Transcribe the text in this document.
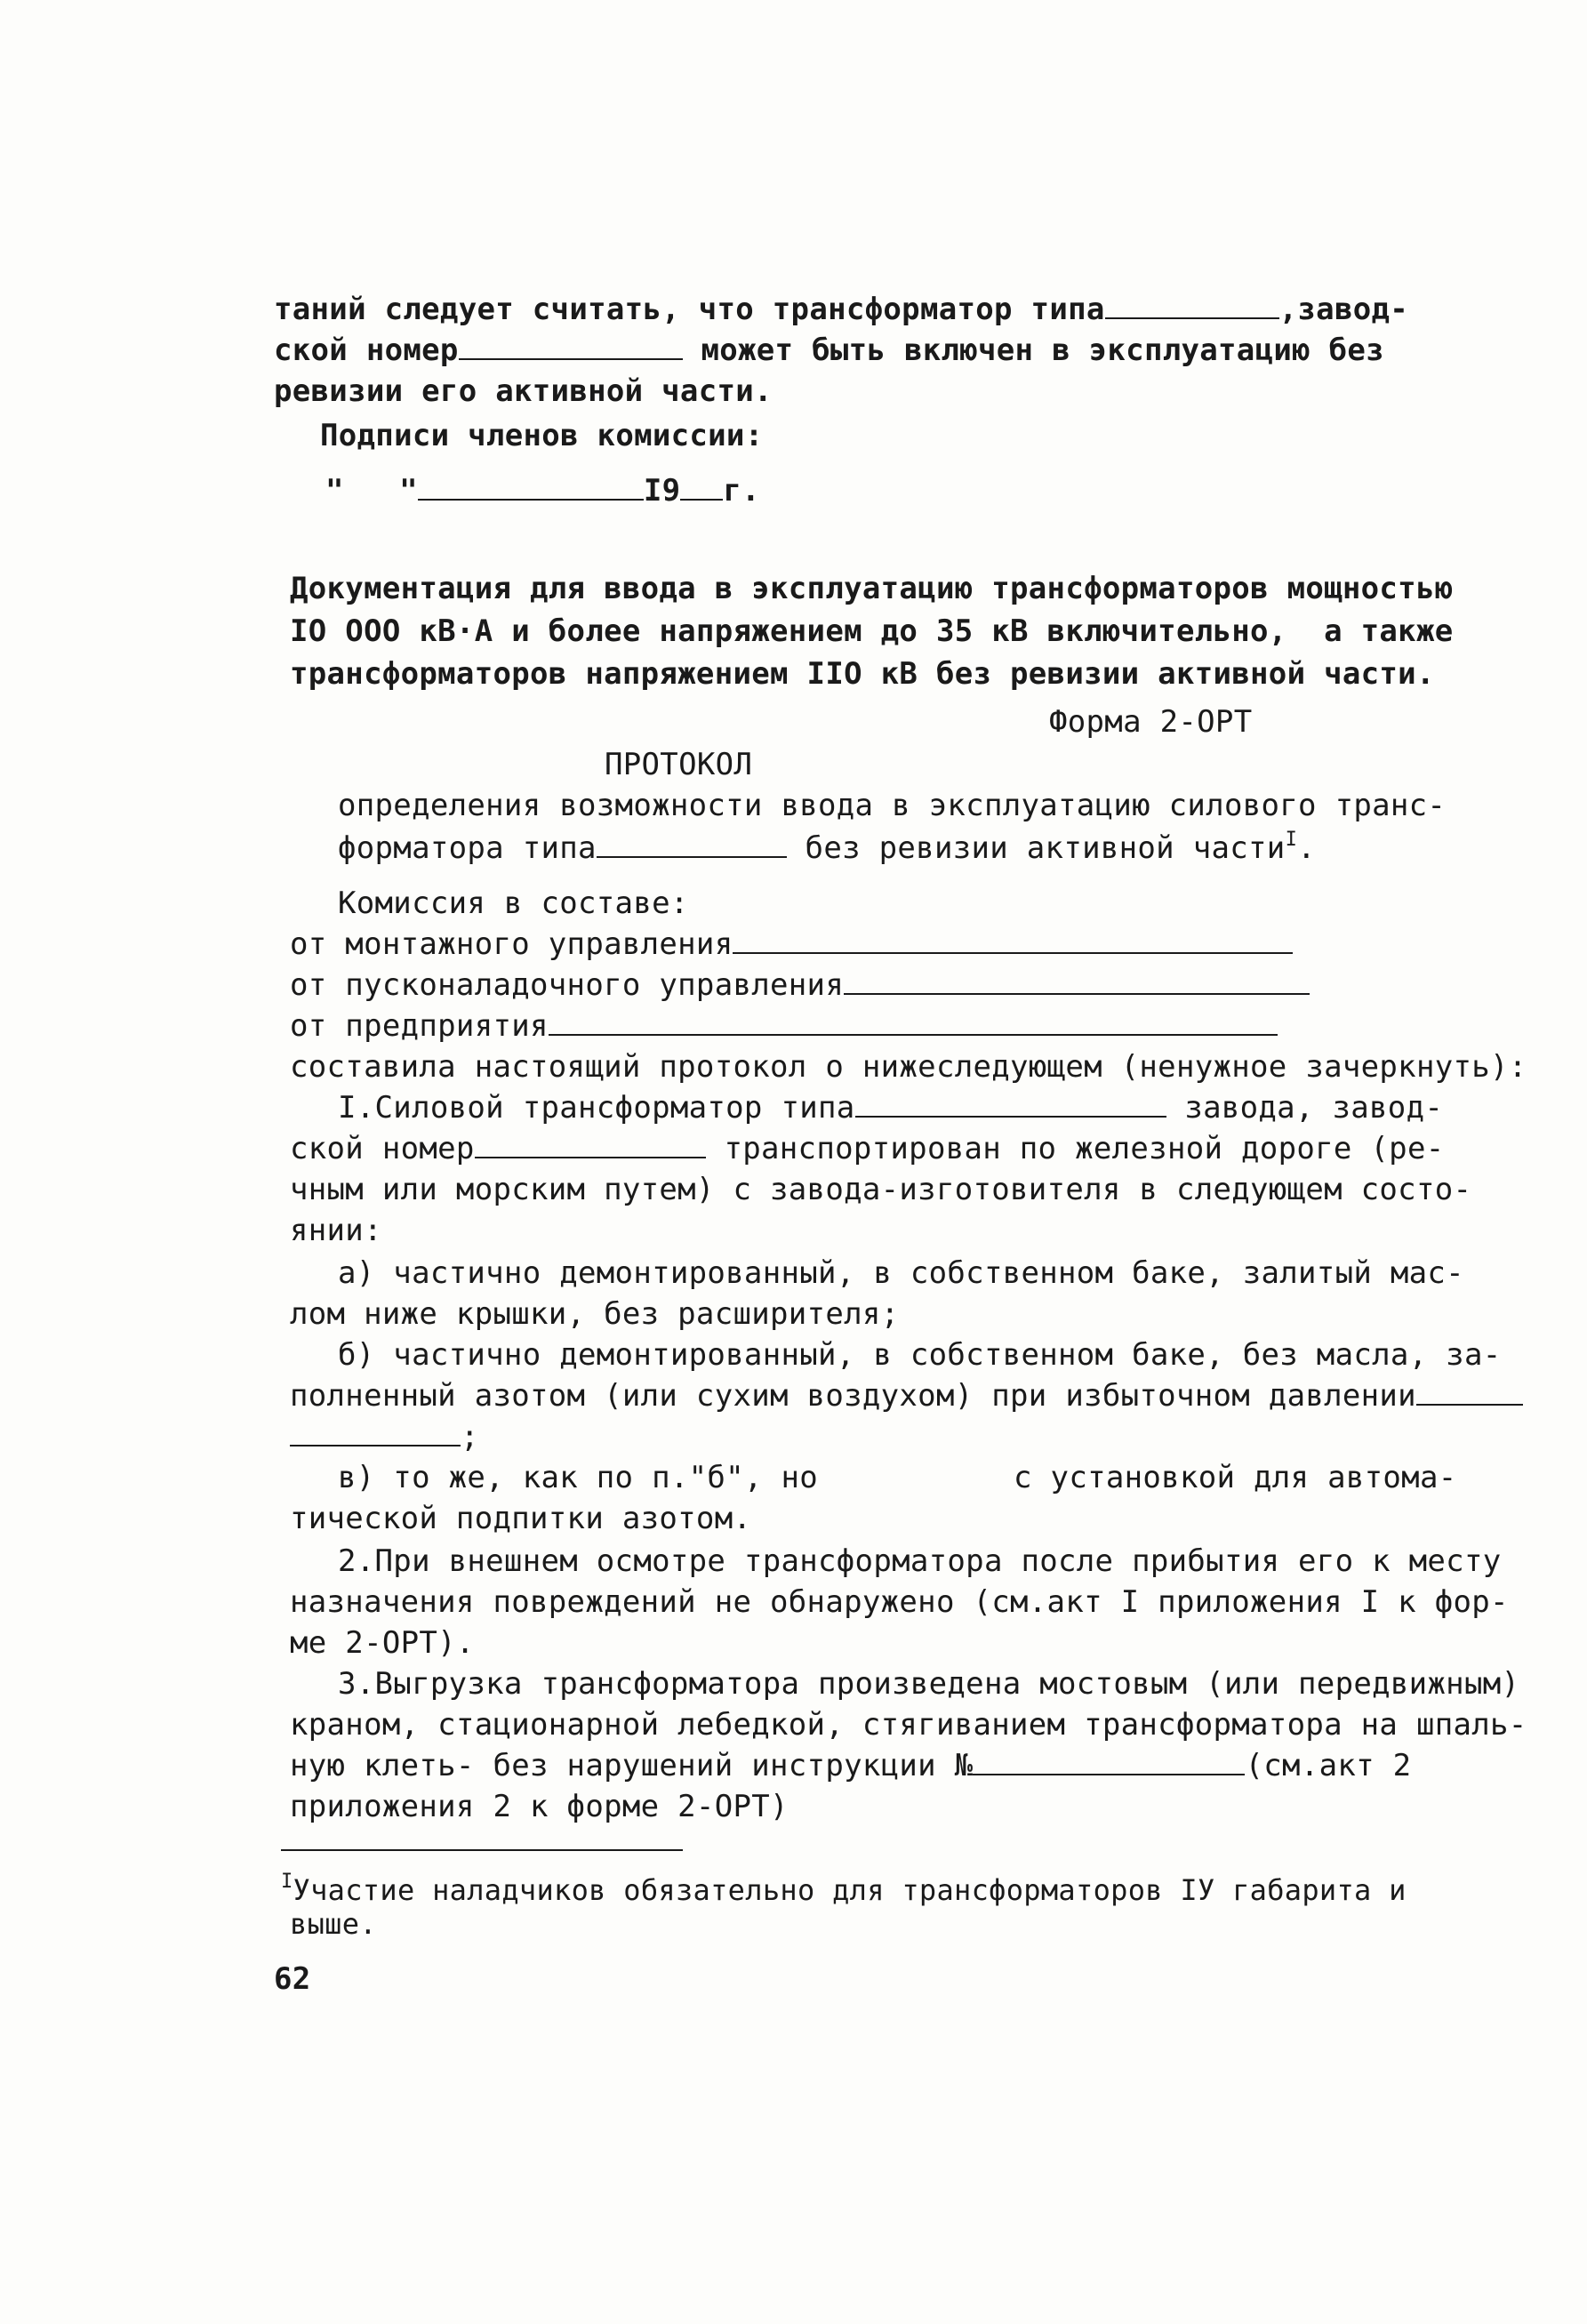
таний следует считать, что трансформатор типа	,завод-
ской номер	может быть включен в эксплуатацию без
ревизии его активной части.
Подписи членов комиссии:
"   "	I9 г.
Документация для ввода в эксплуатацию трансформаторов мощностью
IO OOO кВ·А и более напряжением до 35 кВ включительно,  а также
трансформаторов напряжением IIO кВ без ревизии активной части.
Форма 2-ОРТ
ПРОТОКОЛ
определения возможности ввода в эксплуатацию силового транс-
форматора типа	без ревизии активной части$^I$.
Комиссия в составе:
от монтажного управления
от пусконаладочного управления
от предприятия
составила настоящий протокол о нижеследующем (ненужное зачеркнуть):
I.Силовой трансформатор типа	завода, завод-
ской номер	транспортирован по железной дороге (ре-
чным или морским путем) с завода-изготовителя в следующем состо-
янии:
а) частично демонтированный, в собственном баке, залитый мас-
лом ниже крышки, без расширителя;
б) частично демонтированный, в собственном баке, без масла, за-
полненный азотом (или сухим воздухом) при избыточном давлении
;
в) то же, как по п."б", но	с установкой для автома-
тической подпитки азотом.
2.При внешнем осмотре трансформатора после прибытия его к месту
назначения повреждений не обнаружено (см.акт I приложения I к фор-
ме 2-ОРТ).
3.Выгрузка трансформатора произведена мостовым (или передвижным)
краном, стационарной лебедкой, стягиванием трансформатора на шпаль-
ную клеть- без нарушений инструкции №	(см.акт 2
приложения 2 к форме 2-ОРТ)
$^I$Участие наладчиков обязательно для трансформаторов IУ габарита и
выше.
62
